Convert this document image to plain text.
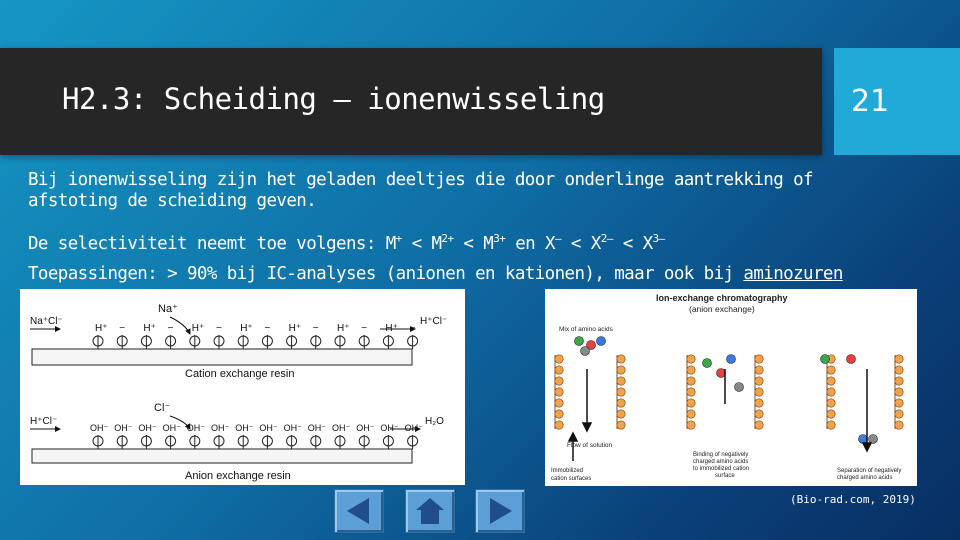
H2.3: Scheiding – ionenwisseling	21
Bij ionenwisseling zijn het geladen deeltjes die door onderlinge aantrekking of afstoting de scheiding geven.
De selectiviteit neemt toe volgens: $M^+ < M^{2+} < M^{3+}$ en $X^- < X^{2-} < X^{3-}$
Toepassingen: > 90% bij IC-analyses (anionen en kationen), maar ook bij aminozuren
H⁺ − H⁺ − H⁺ − H⁺ − H⁺ − H⁺ − H⁺ −
OH⁻ OH⁻ OH⁻ OH⁻ OH⁻ OH⁻ OH⁻ OH⁻ OH⁻ OH⁻ OH⁻ OH⁻ OH⁻ OH⁻
Na⁺
Na⁺Cl⁻	H⁺Cl⁻
Cation exchange resin
Cl⁻
H⁺Cl⁻	H₂O
Anion exchange resin
Ion-exchange chromatography
(anion exchange)
Mix of amino acids
Flow of solution
Immobilized
cation surfaces
Binding of negatively
charged amino acids
to immobilized cation
surface
Separation of negatively
charged amino acids
(Bio-rad.com, 2019)
